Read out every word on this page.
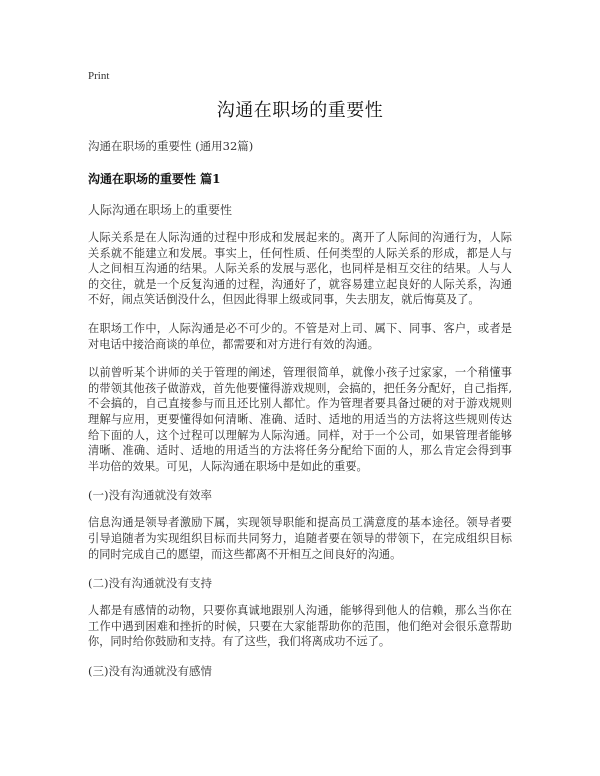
Print
沟通在职场的重要性
沟通在职场的重要性 (通用32篇)
沟通在职场的重要性 篇1
人际沟通在职场上的重要性

人际关系是在人际沟通的过程中形成和发展起来的。离开了人际间的沟通行为，人际关系就不能建立和发展。事实上，任何性质、任何类型的人际关系的形成，都是人与人之间相互沟通的结果。人际关系的发展与恶化，也同样是相互交往的结果。人与人的交往，就是一个反复沟通的过程，沟通好了，就容易建立起良好的人际关系，沟通不好，闹点笑话倒没什么，但因此得罪上级或同事，失去朋友，就后悔莫及了。

在职场工作中，人际沟通是必不可少的。不管是对上司、属下、同事、客户，或者是对电话中接洽商谈的单位，都需要和对方进行有效的沟通。

以前曾听某个讲师的关于管理的阐述，管理很简单，就像小孩子过家家，一个稍懂事的带领其他孩子做游戏，首先他要懂得游戏规则，会搞的，把任务分配好，自己指挥,不会搞的，自己直接参与而且还比别人都忙。作为管理者要具备过硬的对于游戏规则理解与应用，更要懂得如何清晰、准确、适时、适地的用适当的方法将这些规则传达给下面的人，这个过程可以理解为人际沟通。同样，对于一个公司，如果管理者能够清晰、准确、适时、适地的用适当的方法将任务分配给下面的人，那么肯定会得到事半功倍的效果。可见，人际沟通在职场中是如此的重要。

(一)没有沟通就没有效率

信息沟通是领导者激励下属，实现领导职能和提高员工满意度的基本途径。领导者要引导追随者为实现组织目标而共同努力，追随者要在领导的带领下，在完成组织目标的同时完成自己的愿望，而这些都离不开相互之间良好的沟通。

(二)没有沟通就没有支持

人都是有感情的动物，只要你真诚地跟别人沟通，能够得到他人的信赖，那么当你在工作中遇到困难和挫折的时候，只要在大家能帮助你的范围，他们绝对会很乐意帮助你，同时给你鼓励和支持。有了这些，我们将离成功不远了。

(三)没有沟通就没有感情
